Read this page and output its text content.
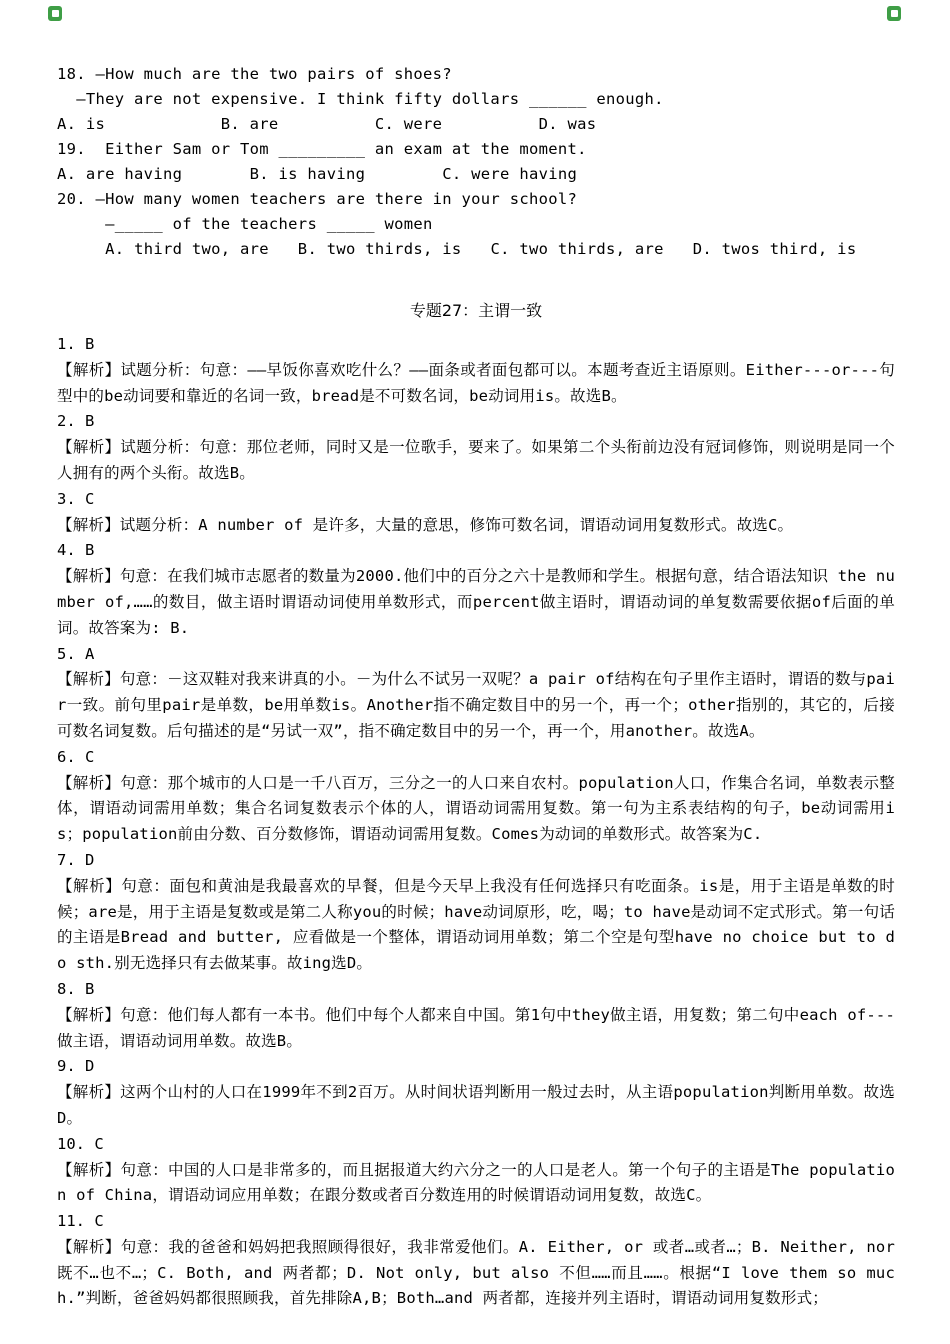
18. —How much are the two pairs of shoes?
—They are not expensive. I think fifty dollars ______ enough.
A. is            B. are          C. were          D. was
19.  Either Sam or Tom _________ an exam at the moment.
A. are having       B. is having        C. were having
20. —How many women teachers are there in your school?
—_____ of the teachers _____ women
A. third two, are   B. two thirds, is   C. two thirds, are   D. twos third, is
专题27：主谓一致
1. B
【解析】试题分析：句意：——早饭你喜欢吃什么？——面条或者面包都可以。本题考查近主语原则。Either---or---句型中的be动词要和靠近的名词一致，bread是不可数名词，be动词用is。故选B。
2. B
【解析】试题分析：句意：那位老师，同时又是一位歌手，要来了。如果第二个头衔前边没有冠词修饰，则说明是同一个人拥有的两个头衔。故选B。
3. C
【解析】试题分析：A number of 是许多，大量的意思，修饰可数名词，谓语动词用复数形式。故选C。
4. B
【解析】句意：在我们城市志愿者的数量为2000.他们中的百分之六十是教师和学生。根据句意，结合语法知识 the number of,……的数目，做主语时谓语动词使用单数形式，而percent做主语时，谓语动词的单复数需要依据of后面的单词。故答案为: B.
5. A
【解析】句意：－这双鞋对我来讲真的小。－为什么不试另一双呢？a pair of结构在句子里作主语时，谓语的数与pair一致。前句里pair是单数，be用单数is。Another指不确定数目中的另一个，再一个；other指别的，其它的，后接可数名词复数。后句描述的是“另试一双”，指不确定数目中的另一个，再一个，用another。故选A。
6. C
【解析】句意：那个城市的人口是一千八百万，三分之一的人口来自农村。population人口，作集合名词，单数表示整体，谓语动词需用单数；集合名词复数表示个体的人，谓语动词需用复数。第一句为主系表结构的句子，be动词需用is；population前由分数、百分数修饰，谓语动词需用复数。Comes为动词的单数形式。故答案为C.
7. D
【解析】句意：面包和黄油是我最喜欢的早餐，但是今天早上我没有任何选择只有吃面条。is是，用于主语是单数的时候；are是，用于主语是复数或是第二人称you的时候；have动词原形，吃，喝；to have是动词不定式形式。第一句话的主语是Bread and butter, 应看做是一个整体，谓语动词用单数；第二个空是句型have no choice but to do sth.别无选择只有去做某事。故ing选D。
8. B
【解析】句意：他们每人都有一本书。他们中每个人都来自中国。第1句中they做主语，用复数；第二句中each of---做主语，谓语动词用单数。故选B。
9. D
【解析】这两个山村的人口在1999年不到2百万。从时间状语判断用一般过去时，从主语population判断用单数。故选D。
10. C
【解析】句意：中国的人口是非常多的，而且据报道大约六分之一的人口是老人。第一个句子的主语是The population of China，谓语动词应用单数；在跟分数或者百分数连用的时候谓语动词用复数，故选C。
11. C
【解析】句意：我的爸爸和妈妈把我照顾得很好，我非常爱他们。A. Either, or 或者…或者…；B. Neither, nor 既不…也不…；C. Both, and 两者都；D. Not only, but also 不但……而且……。根据“I love them so much.”判断，爸爸妈妈都很照顾我，首先排除A,B；Both…and 两者都，连接并列主语时，谓语动词用复数形式；
